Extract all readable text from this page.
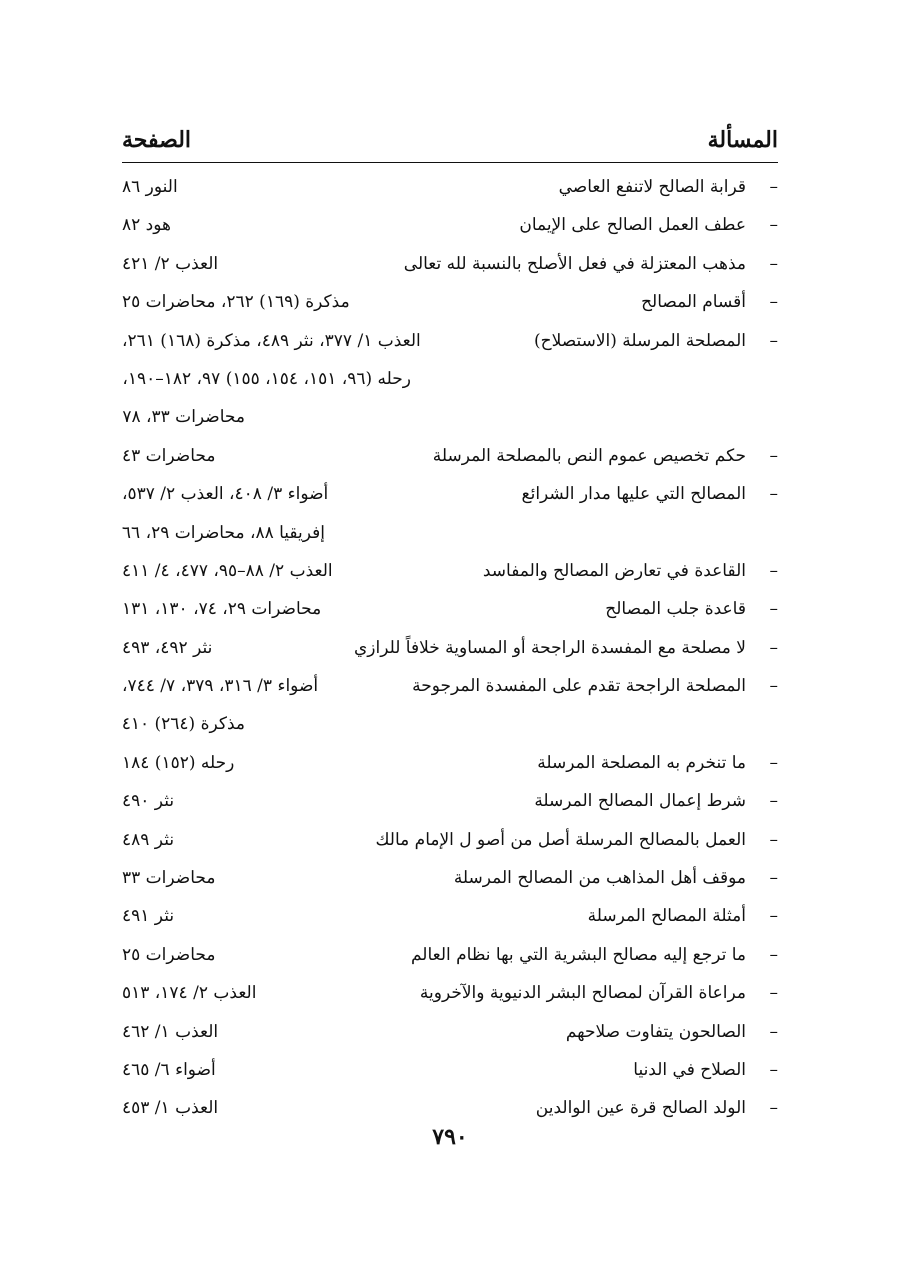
المسألة
الصفحة
–
قرابة الصالح لاتنفع العاصي
النور ٨٦
–
عطف العمل الصالح على الإيمان
هود ٨٢
–
مذهب المعتزلة في فعل الأصلح بالنسبة لله تعالى
العذب ٢/ ٤٢١
–
أقسام المصالح
مذكرة (١٦٩) ٢٦٢، محاضرات ٢٥
–
المصلحة المرسلة (الاستصلاح)
العذب ١/ ٣٧٧، نثر ٤٨٩، مذكرة (١٦٨) ٢٦١،
رحله (٩٦، ١٥١، ١٥٤، ١٥٥) ٩٧، ١٨٢–١٩٠،
محاضرات ٣٣، ٧٨
–
حكم تخصيص عموم النص بالمصلحة المرسلة
محاضرات ٤٣
–
المصالح التي عليها مدار الشرائع
أضواء ٣/ ٤٠٨، العذب ٢/ ٥٣٧،
إفريقيا ٨٨، محاضرات ٢٩، ٦٦
–
القاعدة في تعارض المصالح والمفاسد
العذب ٢/ ٨٨–٩٥، ٤٧٧، ٤/ ٤١١
–
قاعدة جلب المصالح
محاضرات ٢٩، ٧٤، ١٣٠، ١٣١
–
لا مصلحة مع المفسدة الراجحة أو المساوية خلافاً للرازي
نثر ٤٩٢، ٤٩٣
–
المصلحة الراجحة تقدم على المفسدة المرجوحة
أضواء ٣/ ٣١٦، ٣٧٩، ٧/ ٧٤٤،
مذكرة (٢٦٤) ٤١٠
–
ما تنخرم به المصلحة المرسلة
رحله (١٥٢) ١٨٤
–
شرط إعمال المصالح المرسلة
نثر ٤٩٠
–
العمل بالمصالح المرسلة أصل من أصو ل الإمام مالك
نثر ٤٨٩
–
موقف أهل المذاهب من المصالح المرسلة
محاضرات ٣٣
–
أمثلة المصالح المرسلة
نثر ٤٩١
–
ما ترجع إليه مصالح البشرية التي بها نظام العالم
محاضرات ٢٥
–
مراعاة القرآن لمصالح البشر الدنيوية والآخروية
العذب ٢/ ١٧٤، ٥١٣
–
الصالحون يتفاوت صلاحهم
العذب ١/ ٤٦٢
–
الصلاح في الدنيا
أضواء ٦/ ٤٦٥
–
الولد الصالح قرة عين الوالدين
العذب ١/ ٤٥٣
٧٩٠
